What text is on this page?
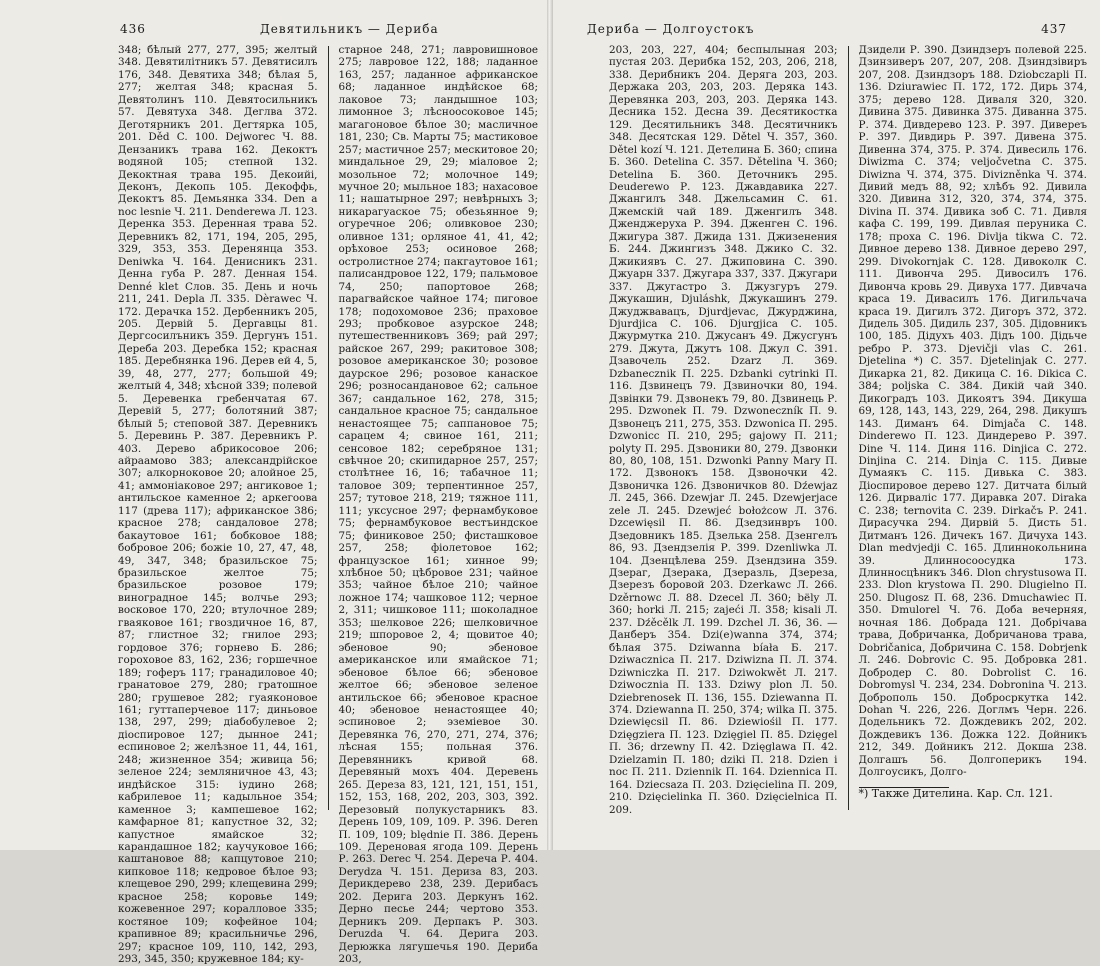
436	Девятильникъ — Дериба

348; бѣлый 277, 277, 395; желтый 348. Девятилітникъ 57. Девятисилъ 176, 348. Девятиха 348; бѣлая 5, 277; желтая 348; красная 5. Девятолинъ 110. Девятосильникъ 57. Девятуха 348. Деглва 372. Деготярникъ 201. Дегтярка 105, 201. Děd C. 100. Dejworec Ч. 88. Дензаникъ трава 162. Декоктъ водяной 105; степной 132. Декоктная трава 195. Декоийі, Деконъ, Декопь 105. Декоффь, Декоктъ 85. Демьянка 334. Den a noc lesnie Ч. 211. Denderewa Л. 123. Деренка 353. Деренная трава 52. Деревникъ 82, 171, 194, 205, 295, 329, 353, 353. Деренянца 353. Deniwka Ч. 164. Денисникъ 231. Денна губа Р. 287. Денная 154. Denné klet Слов. 35. День и ночь 211, 241. Depla Л. 335. Dèrawec Ч. 172. Дерачка 152. Дербенникъ 205, 205. Дервій 5. Дергавцы 81. Дергсосилъникъ 359. Дергунъ 151. Дереба 203. Деребка 152; красная 185. Деребнянка 196. Дерев ей 4, 5, 39, 48, 277, 277; большой 49; желтый 4, 348; хѣсной 339; полевой 5. Деревенка гребенчатая 67. Деревій 5, 277; болотяний 387; бѣлый 5; степовой 387. Деревникъ 5. Деревинь Р. 387. Деревникъ Р. 403. Дерево абрикосовое 206; айраамово 383; александрійское 307; алкорноковое 20; алойное 25, 41; аммоніаковое 297; ангиковое 1; антильское каменное 2; аркегоова 117 (древа 117); африканское 386; красное 278; сандаловое 278; бакаутовое 161; бобковое 188; бобровое 206; божіе 10, 27, 47, 48, 49, 347, 348; бразильское 75; бразильское желтое 75; бразильское розовое 179; виноградное 145; волчье 293; восковое 170, 220; втулочное 289; гваяковое 161; гвоздичное 16, 87, 87; глистное 32; гнилое 293; гордовое 376; горнево Б. 286; гороховое 83, 162, 236; горшечное 189; гоферъ 117; гранадиловое 40; гранатовое 279, 280; гратошное 280; грушевое 282; гуаяконовое 161; гуттаперчевое 117; диньовое 138, 297, 299; діабобулевое 2; діоспировое 127; дынное 241; еспиновое 2; желѣзное 11, 44, 161, 248; жизненное 354; живица 56; зеленое 224; земляничное 43, 43; индѣйское 315: іудино 268; кабрилевое 11; кадыльное 354; каменное 3; кампешевое 162; камфарное 81; капустное 32, 32; капустное ямайское 32; карандашное 182; каучуковое 166; каштановое 88; капцутовое 210; кипковое 118; кедровое бѣлое 93; клещевое 290, 299; клещевина 299; красное 258; коровье 149; кожевенное 297; коралловое 335; костяное 109; кофейное 104; крапивное 89; красильничье 296, 297; красное 109, 110, 142, 293, 293, 345, 350; кружевное 184; ку-

старное 248, 271; лавровишновое 275; лавровое 122, 188; ладанное 163, 257; ладанное африканское 68; ладанное индѣйское 68; лаковое 73; ландышное 103; лимонное 3; лѣсноосоковое 145; магагоновое бѣлое 30; масличное 181, 230; Св. Марты 75; мастиковое 257; мастичное 257; мескитовое 20; миндальное 29, 29; міаловое 2; мозольное 72; молочное 149; мучное 20; мыльное 183; нахасовое 11; нашатырное 297; невѣрныхъ 3; никарагуаское 75; обезьянное 9; огуречное 206; оливковое 230; оливное 131; орляное 41, 41, 42; орѣховое 253; осиновое 268; остролистное 274; пакгаутовое 161; палисандровое 122, 179; пальмовое 74, 250; папортовое 268; парагвайское чайное 174; пиговое 178; подохомовое 236; праховое 293; пробковое азурское 248; путешественниковъ 369; рай 297; райское 267, 299; ракитовое 308; розовое американское 30; розовое даурское 296; розовое канаское 296; розносандановое 62; сальное 367; сандальное 162, 278, 315; сандальное красное 75; сандальное ненастоящее 75; саппановое 75; сарацем 4; свиное 161, 211; сенсовое 182; серебряное 131; свѣчное 20; скипидарное 257, 257; столѣтнее 16, 16; табачное 11; таловое 309; терпентинное 257, 257; тутовое 218, 219; тяжное 111, 111; уксусное 297; фернамбуковое 75; фернамбуковое вестъиндское 75; финиковое 250; фисташковое 257, 258; фіолетовое 162; французское 161; хинное 99; хлѣбное 50; цѣбровое 231; чайное 353; чайное бѣлое 210; чайное ложное 174; чашковое 112; черное 2, 311; чишковое 111; шоколадное 353; шелковое 226; шелковичное 219; шпоровое 2, 4; щовитое 40; эбеновое 90; эбеновое американское или ямайское 71; эбеновое бѣлое 66; эбеновое желтое 66; эбеновое зеленое антильское 66; эбеновое красное 40; эбеновое ненастоящее 40; эспиновое 2; эземіевое 30. Деревянка 76, 270, 271, 274, 376; лѣсная 155; польная 376. Деревянникъ кривой 68. Деревяный мохъ 404. Деревень 265. Дереза 83, 121, 121, 151, 151, 152, 153, 168, 202, 203, 303, 392. Дерезовый полукустарникъ 83. Дерень 109, 109, 109. Р. 396. Deren П. 109, 109; blędnie П. 386. Дерень 109. Дереновая ягода 109. Дерень Р. 263. Derec Ч. 254. Дереча Р. 404. Derydza Ч. 151. Дериза 83, 203. Дерикдерево 238, 239. Дерибасъ 202. Дерига 203. Деркунъ 162. Дерно песье 244; чертово 353. Дерникъ 209. Дерпакъ Р. 303. Deruzda Ч. 64. Дерига 203. Дерюжка лягушечья 190. Дериба 203,

Дериба — Долгоустокъ	437

203, 203, 227, 404; беспылыная 203; пустая 203. Дерибка 152, 203, 206, 218, 338. Дерибникъ 204. Деряга 203, 203. Держака 203, 203, 203. Деряка 143. Деревянка 203, 203, 203. Деряка 143. Десника 152. Десна 39. Десятикостка 129. Десятильникъ 348. Десятичникъ 348. Десятская 129. Dětel Ч. 357, 360. Dětel kozí Ч. 121. Детелина Б. 360; спина Б. 360. Detelina С. 357. Dětelina Ч. 360; Detelina Б. 360. Деточникъ 295. Deuderewo Р. 123. Джавдавика 227. Джангилъ 348. Джельсамин С. 61. Джемскій чай 189. Дженгилъ 348. Дженджеруха Р. 394. Дженген С. 196. Джигура 387. Джида 131. Джизенения Б. 244. Джингизъ 348. Джико С. 32. Джикиявъ С. 27. Джиповина С. 390. Джуарн 337. Джугара 337, 337. Джугари 337. Джугастро 3. Джузгуръ 279. Джукашин, Djuláshk, Джукашинъ 279. Джуджвавацъ, Djurdjevac, Джурджина, Djurdjica С. 106. Djurgjica С. 105. Джурмутка 210. Джусанъ 49. Джусгунъ 279. Джута, Джутъ 108. Джул С. 391. Дзавочель 252. Dzarz Л. 369. Dzbanecznik П. 225. Dzbanki cytrinki П. 116. Дзвинецъ 79. Дзвиночки 80, 194. Дзвінки 79. Дзвонекъ 79, 80. Дзвинець Р. 295. Dzwonek П. 79. Dzwoneczník П. 9. Дзвонецъ 211, 275, 353. Dzwonica П. 295. Dzwonicc П. 210, 295; gajowy П. 211; polyty П. 295. Дзвоники 80, 279. Дзвонки 80, 80, 108, 151. Dzwonki Panny Mary П. 172. Дзвонокъ 158. Дзвоночки 42. Дзвоничка 126. Дзвоничков 80. Dźewjaz Л. 245, 366. Dzewjar Л. 245. Dzewjerjace zele Л. 245. Dzewjeć bołożcow Л. 376. Dzcewięsil П. 86. Дзедзинвръ 100. Дзедовникъ 185. Дзелька 258. Дзенгелъ 86, 93. Дзендзелія Р. 399. Dzenliwka Л. 104. Дзенцѣлева 259. Дзендзина 359. Дзераг, Дзерака, Дзеразль, Дзереза, Дзерезъ боровой 203. Dzerkawc Л. 266. Dzěrnowc Л. 88. Dzecel Л. 360; bëly Л. 360; horki Л. 215; zajeći Л. 358; kisali Л. 237. Dźěcělk Л. 199. Dzchel Л. 36, 36. — Данберъ 354. Dzi(e)wanna 374, 374; бѣлая 375. Dziwanna bíała Б. 217. Dziwacznica П. 217. Dziwizna П. Л. 374. Dziwniczka П. 217. Dziwokwět Л. 217. Dziwocznia П. 133. Dziwy plon Л. 50. Dziebrenosek П. 136, 155. Dziewanna П. 374. Dziewanna П. 250, 374; wilka П. 375. Dziewięcsil П. 86. Dziewiośil П. 177. Dzięgziera П. 123. Dzięgiel П. 85. Dzięgel П. 36; drzewny П. 42. Dzięglawa П. 42. Dzielzamin П. 180; dziki П. 218. Dzien i noc П. 211. Dziennik П. 164. Dziennica П. 164. Dziecsaza П. 203. Dzięcielina П. 209, 210. Dzięcielinka П. 360. Dzięcielnica П. 209.

Дзидели Р. 390. Дзиндзеръ полевой 225. Дзинзиверъ 207, 207, 208. Дзиндзівиръ 207, 208. Дзиндзоръ 188. Dziobczapli П. 136. Dziurawiec П. 172, 172. Дирь 374, 375; дерево 128. Диваля 320, 320. Дивина 375. Дивинка 375. Диванна 375. Р. 374. Дивдерево 123. Р. 397. Дивереъ Р. 397. Дивдирь Р. 397. Дивена 375. Дивенна 374, 375. Р. 374. Дивесиль 176. Diwizma С. 374; veljočvetna С. 375. Diwizna Ч. 374, 375. Divizněnka Ч. 374. Дивий медъ 88, 92; хлѣбъ 92. Дивила 320. Дивина 312, 320, 374, 374, 375. Divina П. 374. Дивика зоб С. 71. Дивля кафа С. 199, 199. Дивлая перуника С. 178; проха С. 196. Divlja tikwa С. 72. Дивное дерево 138. Дивное дерево 297, 299. Divokornjak С. 128. Дивоколк С. 111. Дивонча 295. Дивосилъ 176. Дивонча кровь 29. Дивуха 177. Дивчача краса 19. Дивасилъ 176. Дигильчача краса 19. Дигилъ 372. Дигоръ 372, 372. Дидель 305. Дидиль 237, 305. Дідовникъ 100, 185. Дідухъ 403. Дідъ 100. Дідьче ребро Р. 373. Djevičji vlas С. 261. Djetelina *) С. 357. Djetelinjak С. 277. Дикарка 21, 82. Дикица С. 16. Dikica С. 384; poljska С. 384. Дикій чай 340. Дикоградъ 103. Дикоятъ 394. Дикуша 69, 128, 143, 143, 229, 264, 298. Дикушъ 143. Диманъ 64. Dimjača С. 148. Dinderewo П. 123. Диндерево Р. 397. Dine Ч. 114. Диня 116. Dinjica С. 272. Dinjina С. 214. Dinja С. 115. Дивые Думаякъ С. 115. Дивька С. 383. Діоспировое дерево 127. Дитчата білый 126. Дирваліс 177. Диравка 207. Diraka С. 238; ternovita С. 239. Dirkačъ Р. 241. Дирасучка 294. Дирвій 5. Дисть 51. Дитманъ 126. Дичекъ 167. Дичуха 143. Dlan medvjedji С. 165. Длиннокольнина 39. Длинносоосудка 173. Длинносцѣникъ 346. Dlon chrystusowa П. 233. Dlon krystowa П. 290. Dlugielno П. 250. Dlugosz П. 68, 236. Dmuchawiec П. 350. Dmulorel Ч. 76. Доба вечерняя, ночная 186. Добрада 121. Добрічава трава, Добричанка, Добричанова трава, Dobričanica, Добричина С. 158. Dobrjenk Л. 246. Dobrovic С. 95. Добровка 281. Добродер С. 80. Dobrolist С. 16. Dobromysl Ч. 234, 234. Dobronina Ч. 213. Доброполь 150. Добросркутка 142. Dohan Ч. 226, 226. Доглмъ Черн. 226. Додельникъ 72. Дождевикъ 202, 202. Дождевикъ 136. Дожка 122. Дойникъ 212, 349. Дойникъ 212. Докша 238. Долгашъ 56. Долгоперикъ 194. Долгоусикъ, Долго-

*) Также Дителина. Кар. Сл. 121.
